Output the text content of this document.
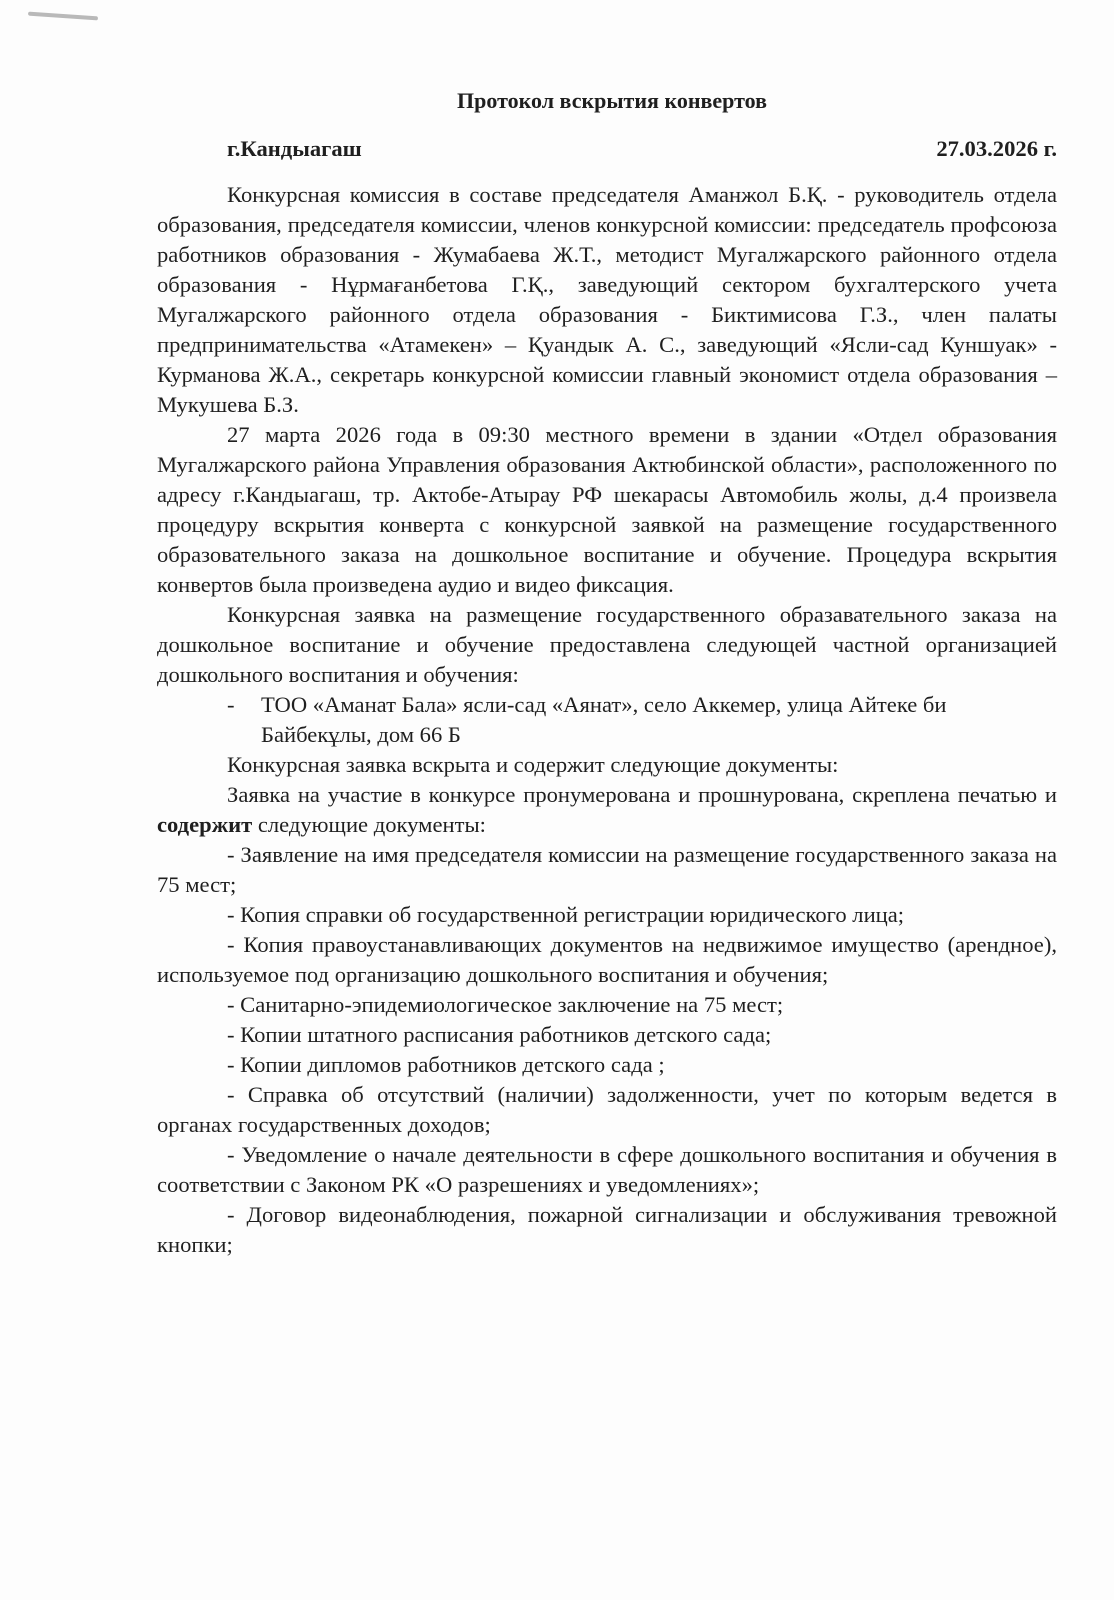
Протокол вскрытия конвертов
г.Кандыагаш	27.03.2026 г.

Конкурсная комиссия в составе председателя Аманжол Б.Қ. - руководитель отдела образования, председателя комиссии, членов конкурсной комиссии: председатель профсоюза работников образования - Жумабаева Ж.Т., методист Мугалжарского районного отдела образования - Нұрмағанбетова Г.Қ., заведующий сектором бухгалтерского учета Мугалжарского районного отдела образования - Биктимисова Г.З., член палаты предпринимательства «Атамекен» – Қуандык А. С., заведующий «Ясли-сад Куншуак» - Курманова Ж.А., секретарь конкурсной комиссии главный экономист отдела образования – Мукушева Б.З.

27 марта 2026 года в 09:30 местного времени в здании «Отдел образования Мугалжарского района Управления образования Актюбинской области», расположенного по адресу г.Кандыагаш, тр. Актобе-Атырау РФ шекарасы Автомобиль жолы, д.4 произвела процедуру вскрытия конверта с конкурсной заявкой на размещение государственного образовательного заказа на дошкольное воспитание и обучение. Процедура вскрытия конвертов была произведена аудио и видео фиксация.

Конкурсная заявка на размещение государственного образавательного заказа на дошкольное воспитание и обучение предоставлена следующей частной организацией дошкольного воспитания и обучения:

-	ТОО «Аманат Бала» ясли-сад «Аянат», село Аккемер, улица Айтеке би Байбекұлы, дом 66 Б

Конкурсная заявка вскрыта и содержит следующие документы:

Заявка на участие в конкурсе пронумерована и прошнурована, скреплена печатью и содержит следующие документы:

- Заявление на имя председателя комиссии на размещение государственного заказа на 75 мест;

- Копия справки об государственной регистрации юридического лица;

- Копия правоустанавливающих документов на недвижимое имущество (арендное), используемое под организацию дошкольного воспитания и обучения;

- Санитарно-эпидемиологическое заключение на 75 мест;

- Копии штатного расписания работников детского сада;

- Копии дипломов работников детского сада ;

- Справка об отсутствий (наличии) задолженности, учет по которым ведется в органах государственных доходов;

- Уведомление о начале деятельности в сфере дошкольного воспитания и обучения в соответствии с Законом РК «О разрешениях и уведомлениях»;

- Договор видеонаблюдения, пожарной сигнализации и обслуживания тревожной кнопки;
